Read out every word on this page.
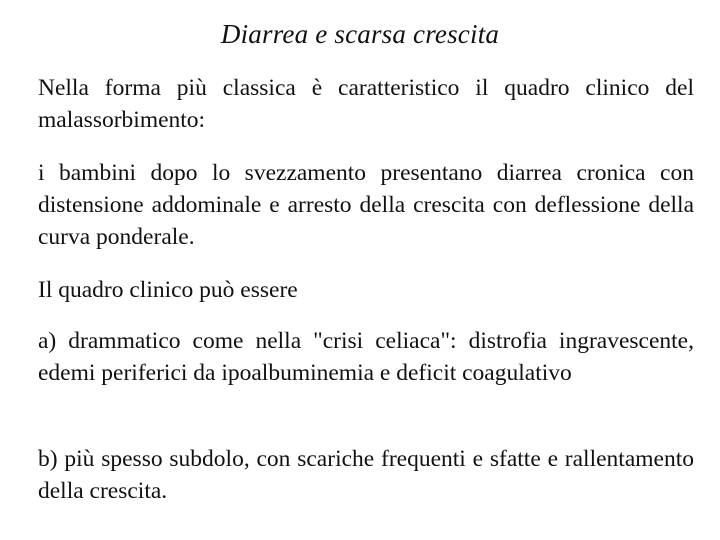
Diarrea e scarsa crescita

Nella forma più classica è caratteristico il quadro clinico del malassorbimento:

i bambini dopo lo svezzamento presentano diarrea cronica con distensione addominale e arresto della crescita con deflessione della curva ponderale.

Il quadro clinico può essere

a) drammatico come nella "crisi celiaca": distrofia ingravescente, edemi periferici da ipoalbuminemia e deficit coagulativo

b) più spesso subdolo, con scariche frequenti e sfatte e rallentamento della crescita.
